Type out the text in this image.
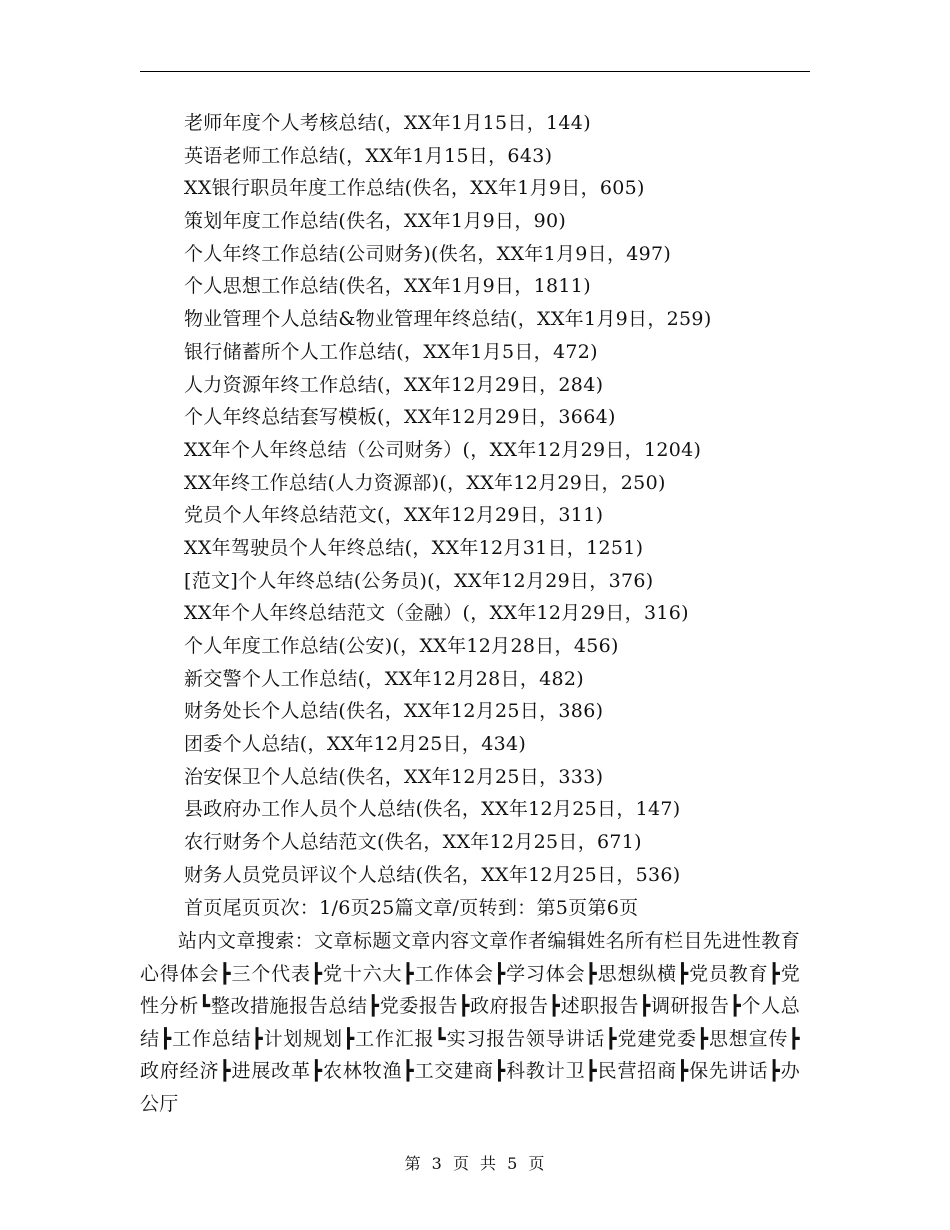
老师年度个人考核总结(，XX年1月15日，144)
英语老师工作总结(，XX年1月15日，643)
XX银行职员年度工作总结(佚名，XX年1月9日，605)
策划年度工作总结(佚名，XX年1月9日，90)
个人年终工作总结(公司财务)(佚名，XX年1月9日，497)
个人思想工作总结(佚名，XX年1月9日，1811)
物业管理个人总结&物业管理年终总结(，XX年1月9日，259)
银行储蓄所个人工作总结(，XX年1月5日，472)
人力资源年终工作总结(，XX年12月29日，284)
个人年终总结套写模板(，XX年12月29日，3664)
XX年个人年终总结（公司财务）(，XX年12月29日，1204)
XX年终工作总结(人力资源部)(，XX年12月29日，250)
党员个人年终总结范文(，XX年12月29日，311)
XX年驾驶员个人年终总结(，XX年12月31日，1251)
[范文]个人年终总结(公务员)(，XX年12月29日，376)
XX年个人年终总结范文（金融）(，XX年12月29日，316)
个人年度工作总结(公安)(，XX年12月28日，456)
新交警个人工作总结(，XX年12月28日，482)
财务处长个人总结(佚名，XX年12月25日，386)
团委个人总结(，XX年12月25日，434)
治安保卫个人总结(佚名，XX年12月25日，333)
县政府办工作人员个人总结(佚名，XX年12月25日，147)
农行财务个人总结范文(佚名，XX年12月25日，671)
财务人员党员评议个人总结(佚名，XX年12月25日，536)
首页尾页页次：1/6页25篇文章/页转到：第5页第6页

站内文章搜索：文章标题文章内容文章作者编辑姓名所有栏目先进性教育心得体会┣三个代表┣党十六大┣工作体会┣学习体会┣思想纵横┣党员教育┣党性分析┗整改措施报告总结┣党委报告┣政府报告┣述职报告┣调研报告┣个人总结┣工作总结┣计划规划┣工作汇报┗实习报告领导讲话┣党建党委┣思想宣传┣政府经济┣进展改革┣农林牧渔┣工交建商┣科教计卫┣民营招商┣保先讲话┣办公厅

第 3 页 共 5 页
